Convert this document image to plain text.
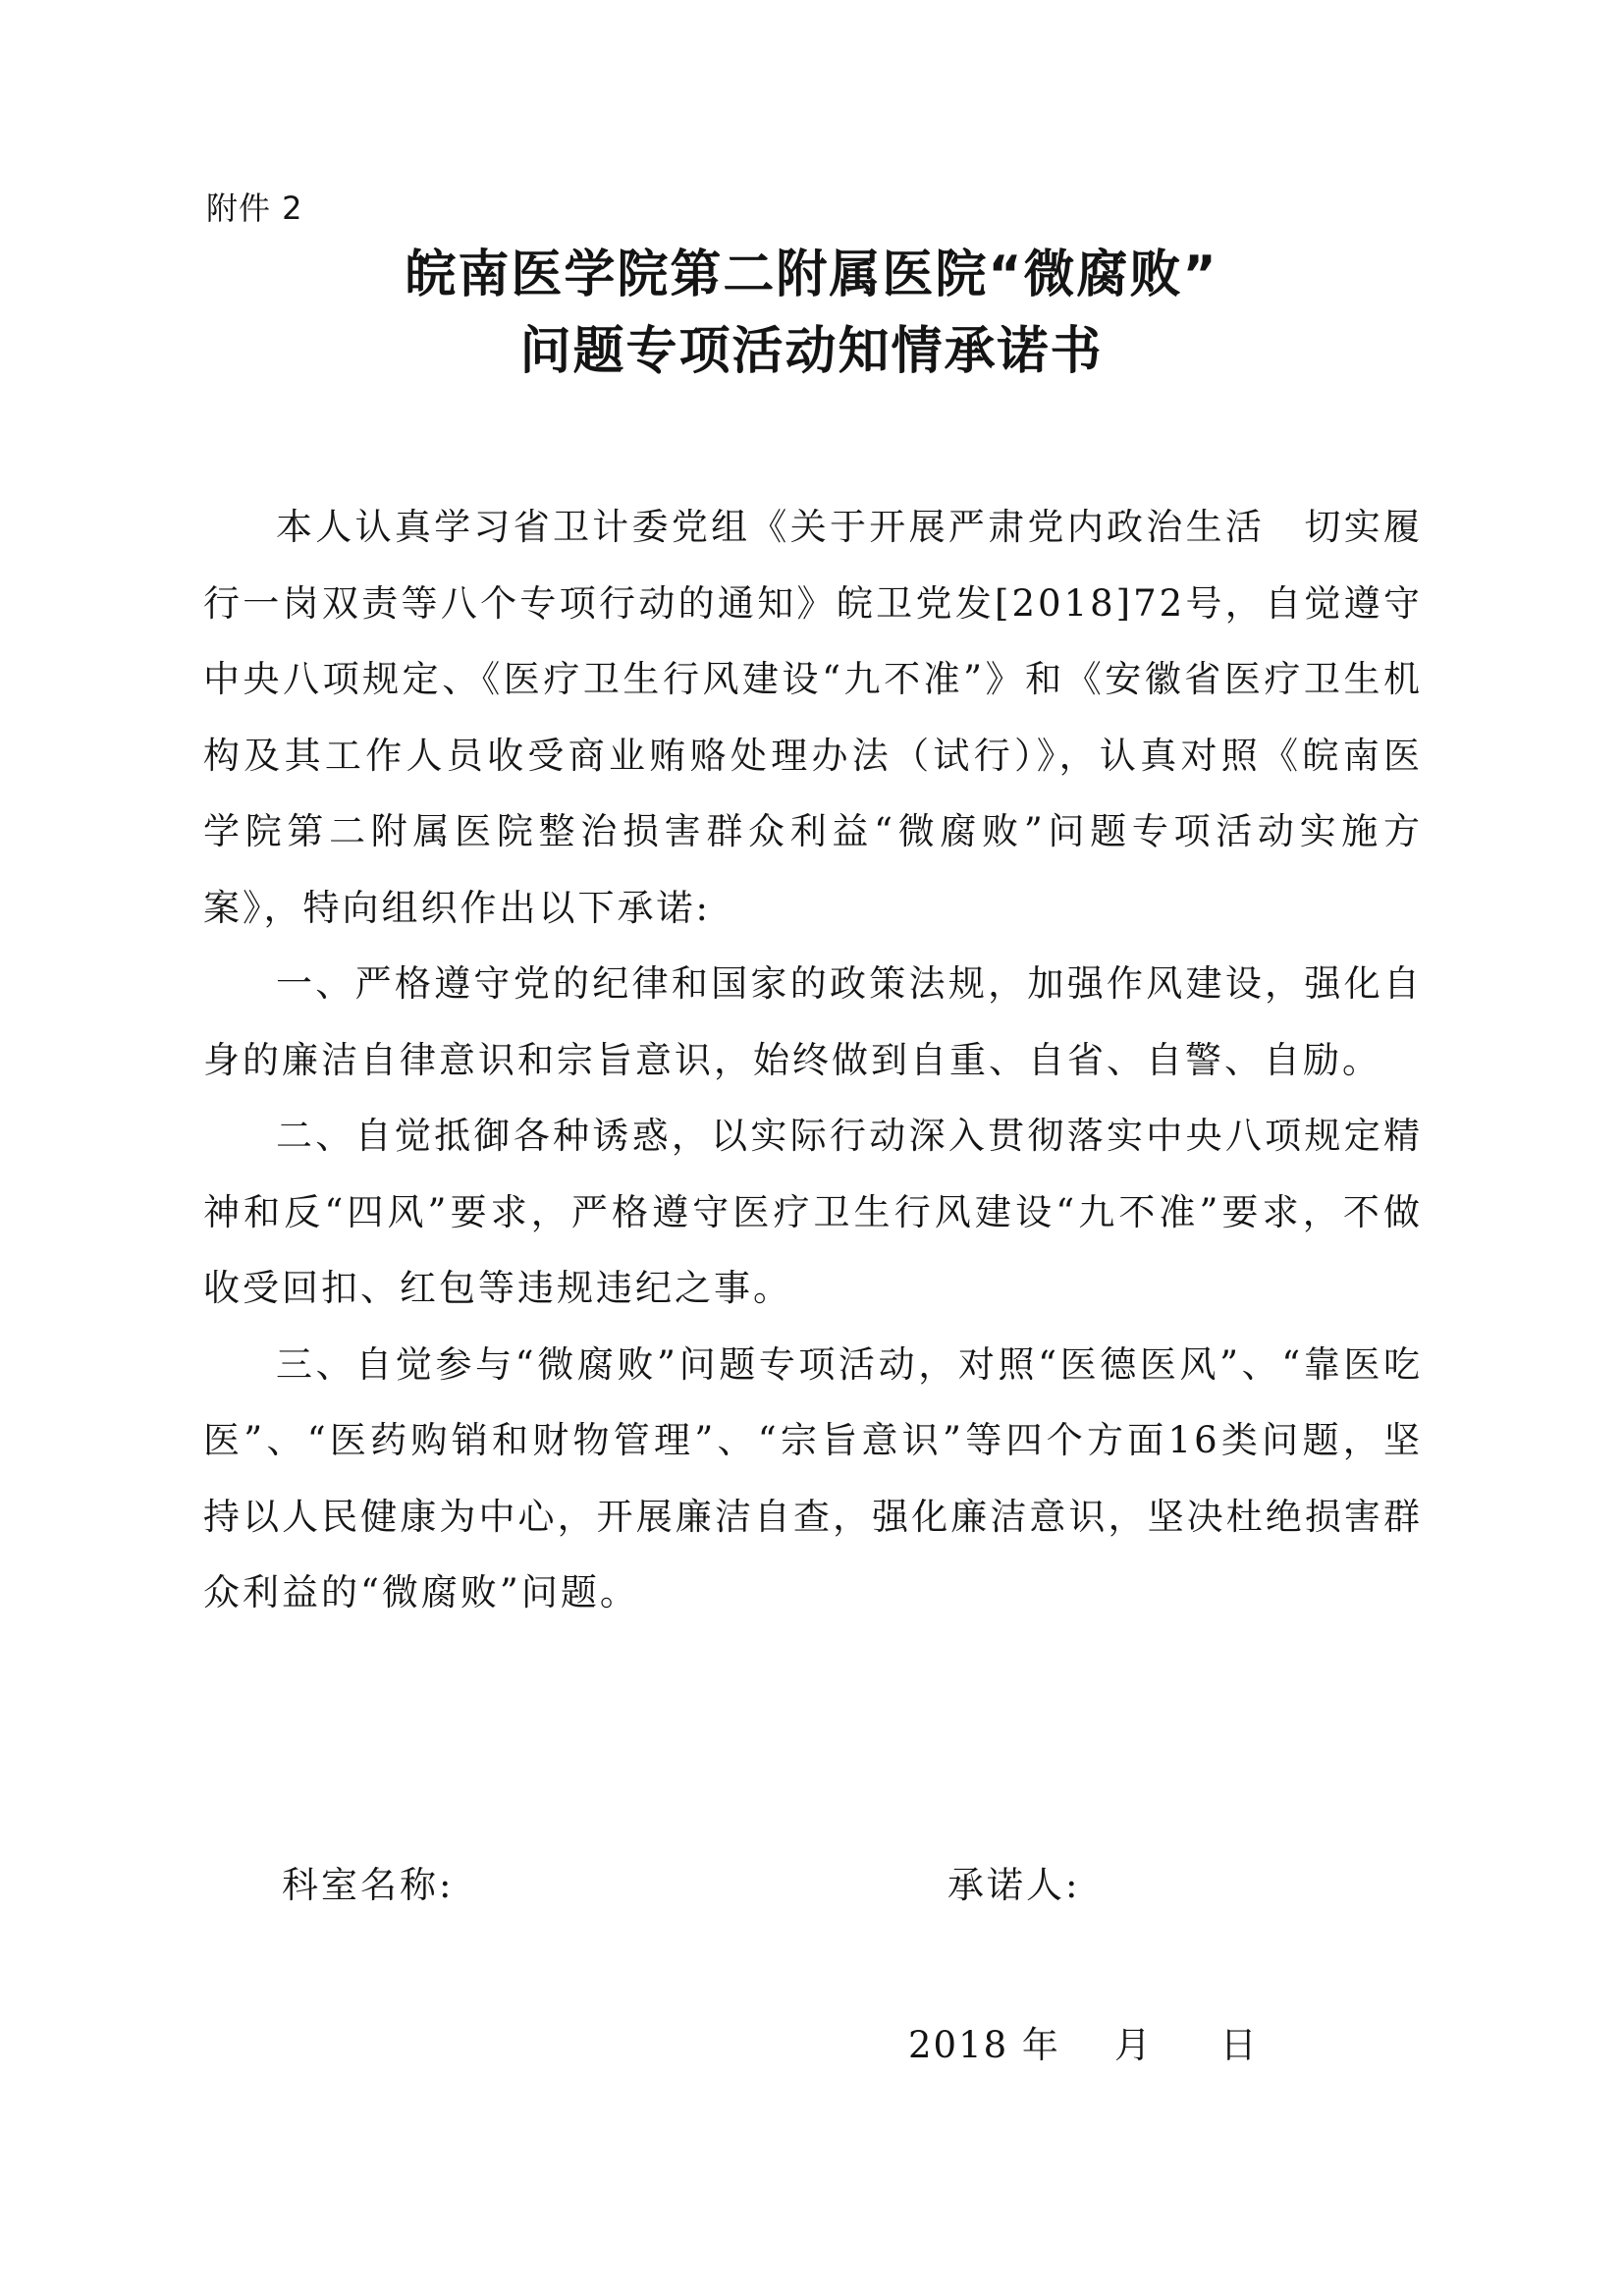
附件 2
皖南医学院第二附属医院“微腐败”
问题专项活动知情承诺书

本人认真学习省卫计委党组《关于开展严肃党内政治生活　切实履行一岗双责等八个专项行动的通知》皖卫党发[2018]72号，自觉遵守中央八项规定、《医疗卫生行风建设“九不准”》和《安徽省医疗卫生机构及其工作人员收受商业贿赂处理办法（试行）》，认真对照《皖南医学院第二附属医院整治损害群众利益“微腐败”问题专项活动实施方案》，特向组织作出以下承诺:

一、严格遵守党的纪律和国家的政策法规，加强作风建设，强化自身的廉洁自律意识和宗旨意识，始终做到自重、自省、自警、自励。

二、自觉抵御各种诱惑，以实际行动深入贯彻落实中央八项规定精神和反“四风”要求，严格遵守医疗卫生行风建设“九不准”要求，不做收受回扣、红包等违规违纪之事。

三、自觉参与“微腐败”问题专项活动，对照“医德医风”、“靠医吃医”、“医药购销和财物管理”、“宗旨意识”等四个方面16类问题，坚持以人民健康为中心，开展廉洁自查，强化廉洁意识，坚决杜绝损害群众利益的“微腐败”问题。

科室名称:	承诺人:
2018 年    月     日
